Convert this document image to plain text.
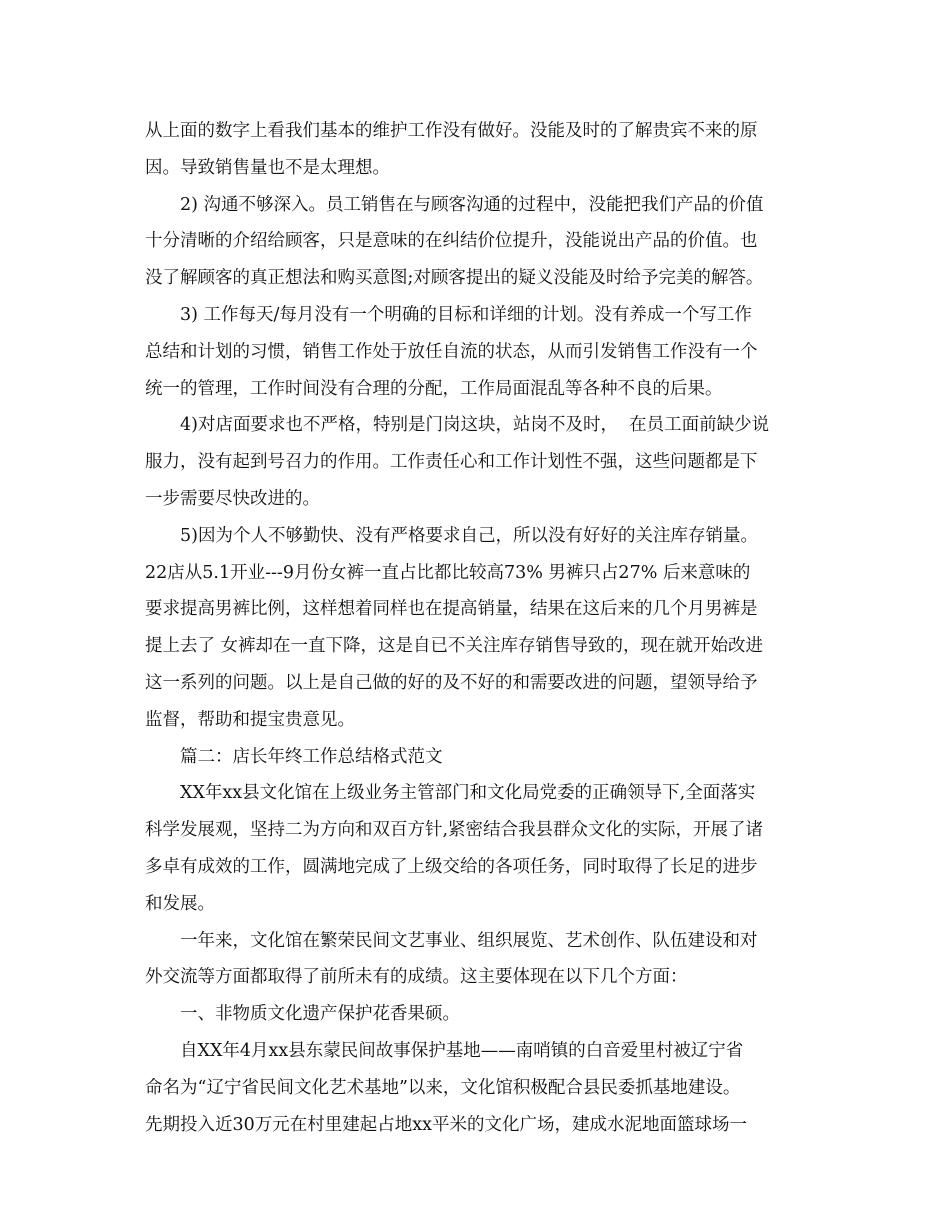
从上面的数字上看我们基本的维护工作没有做好。没能及时的了解贵宾不来的原
因。导致销售量也不是太理想。
2) 沟通不够深入。员工销售在与顾客沟通的过程中，没能把我们产品的价值
十分清晰的介绍给顾客，只是意味的在纠结价位提升，没能说出产品的价值。也
没了解顾客的真正想法和购买意图;对顾客提出的疑义没能及时给予完美的解答。
3) 工作每天/每月没有一个明确的目标和详细的计划。没有养成一个写工作
总结和计划的习惯，销售工作处于放任自流的状态，从而引发销售工作没有一个
统一的管理，工作时间没有合理的分配，工作局面混乱等各种不良的后果。
4)对店面要求也不严格，特别是门岗这块，站岗不及时，  在员工面前缺少说
服力，没有起到号召力的作用。工作责任心和工作计划性不强，这些问题都是下
一步需要尽快改进的。
5)因为个人不够勤快、没有严格要求自己，所以没有好好的关注库存销量。
22店从5.1开业---9月份女裤一直占比都比较高73% 男裤只占27% 后来意味的
要求提高男裤比例，这样想着同样也在提高销量，结果在这后来的几个月男裤是
提上去了 女裤却在一直下降，这是自已不关注库存销售导致的，现在就开始改进
这一系列的问题。以上是自己做的好的及不好的和需要改进的问题，望领导给予
监督，帮助和提宝贵意见。
篇二：店长年终工作总结格式范文
XX年xx县文化馆在上级业务主管部门和文化局党委的正确领导下,全面落实
科学发展观，坚持二为方向和双百方针,紧密结合我县群众文化的实际，开展了诸
多卓有成效的工作，圆满地完成了上级交给的各项任务，同时取得了长足的进步
和发展。
一年来，文化馆在繁荣民间文艺事业、组织展览、艺术创作、队伍建设和对
外交流等方面都取得了前所未有的成绩。这主要体现在以下几个方面：
一、非物质文化遗产保护花香果硕。
自XX年4月xx县东蒙民间故事保护基地——南哨镇的白音爱里村被辽宁省
命名为“辽宁省民间文化艺术基地”以来，文化馆积极配合县民委抓基地建设。
先期投入近30万元在村里建起占地xx平米的文化广场，建成水泥地面篮球场一
